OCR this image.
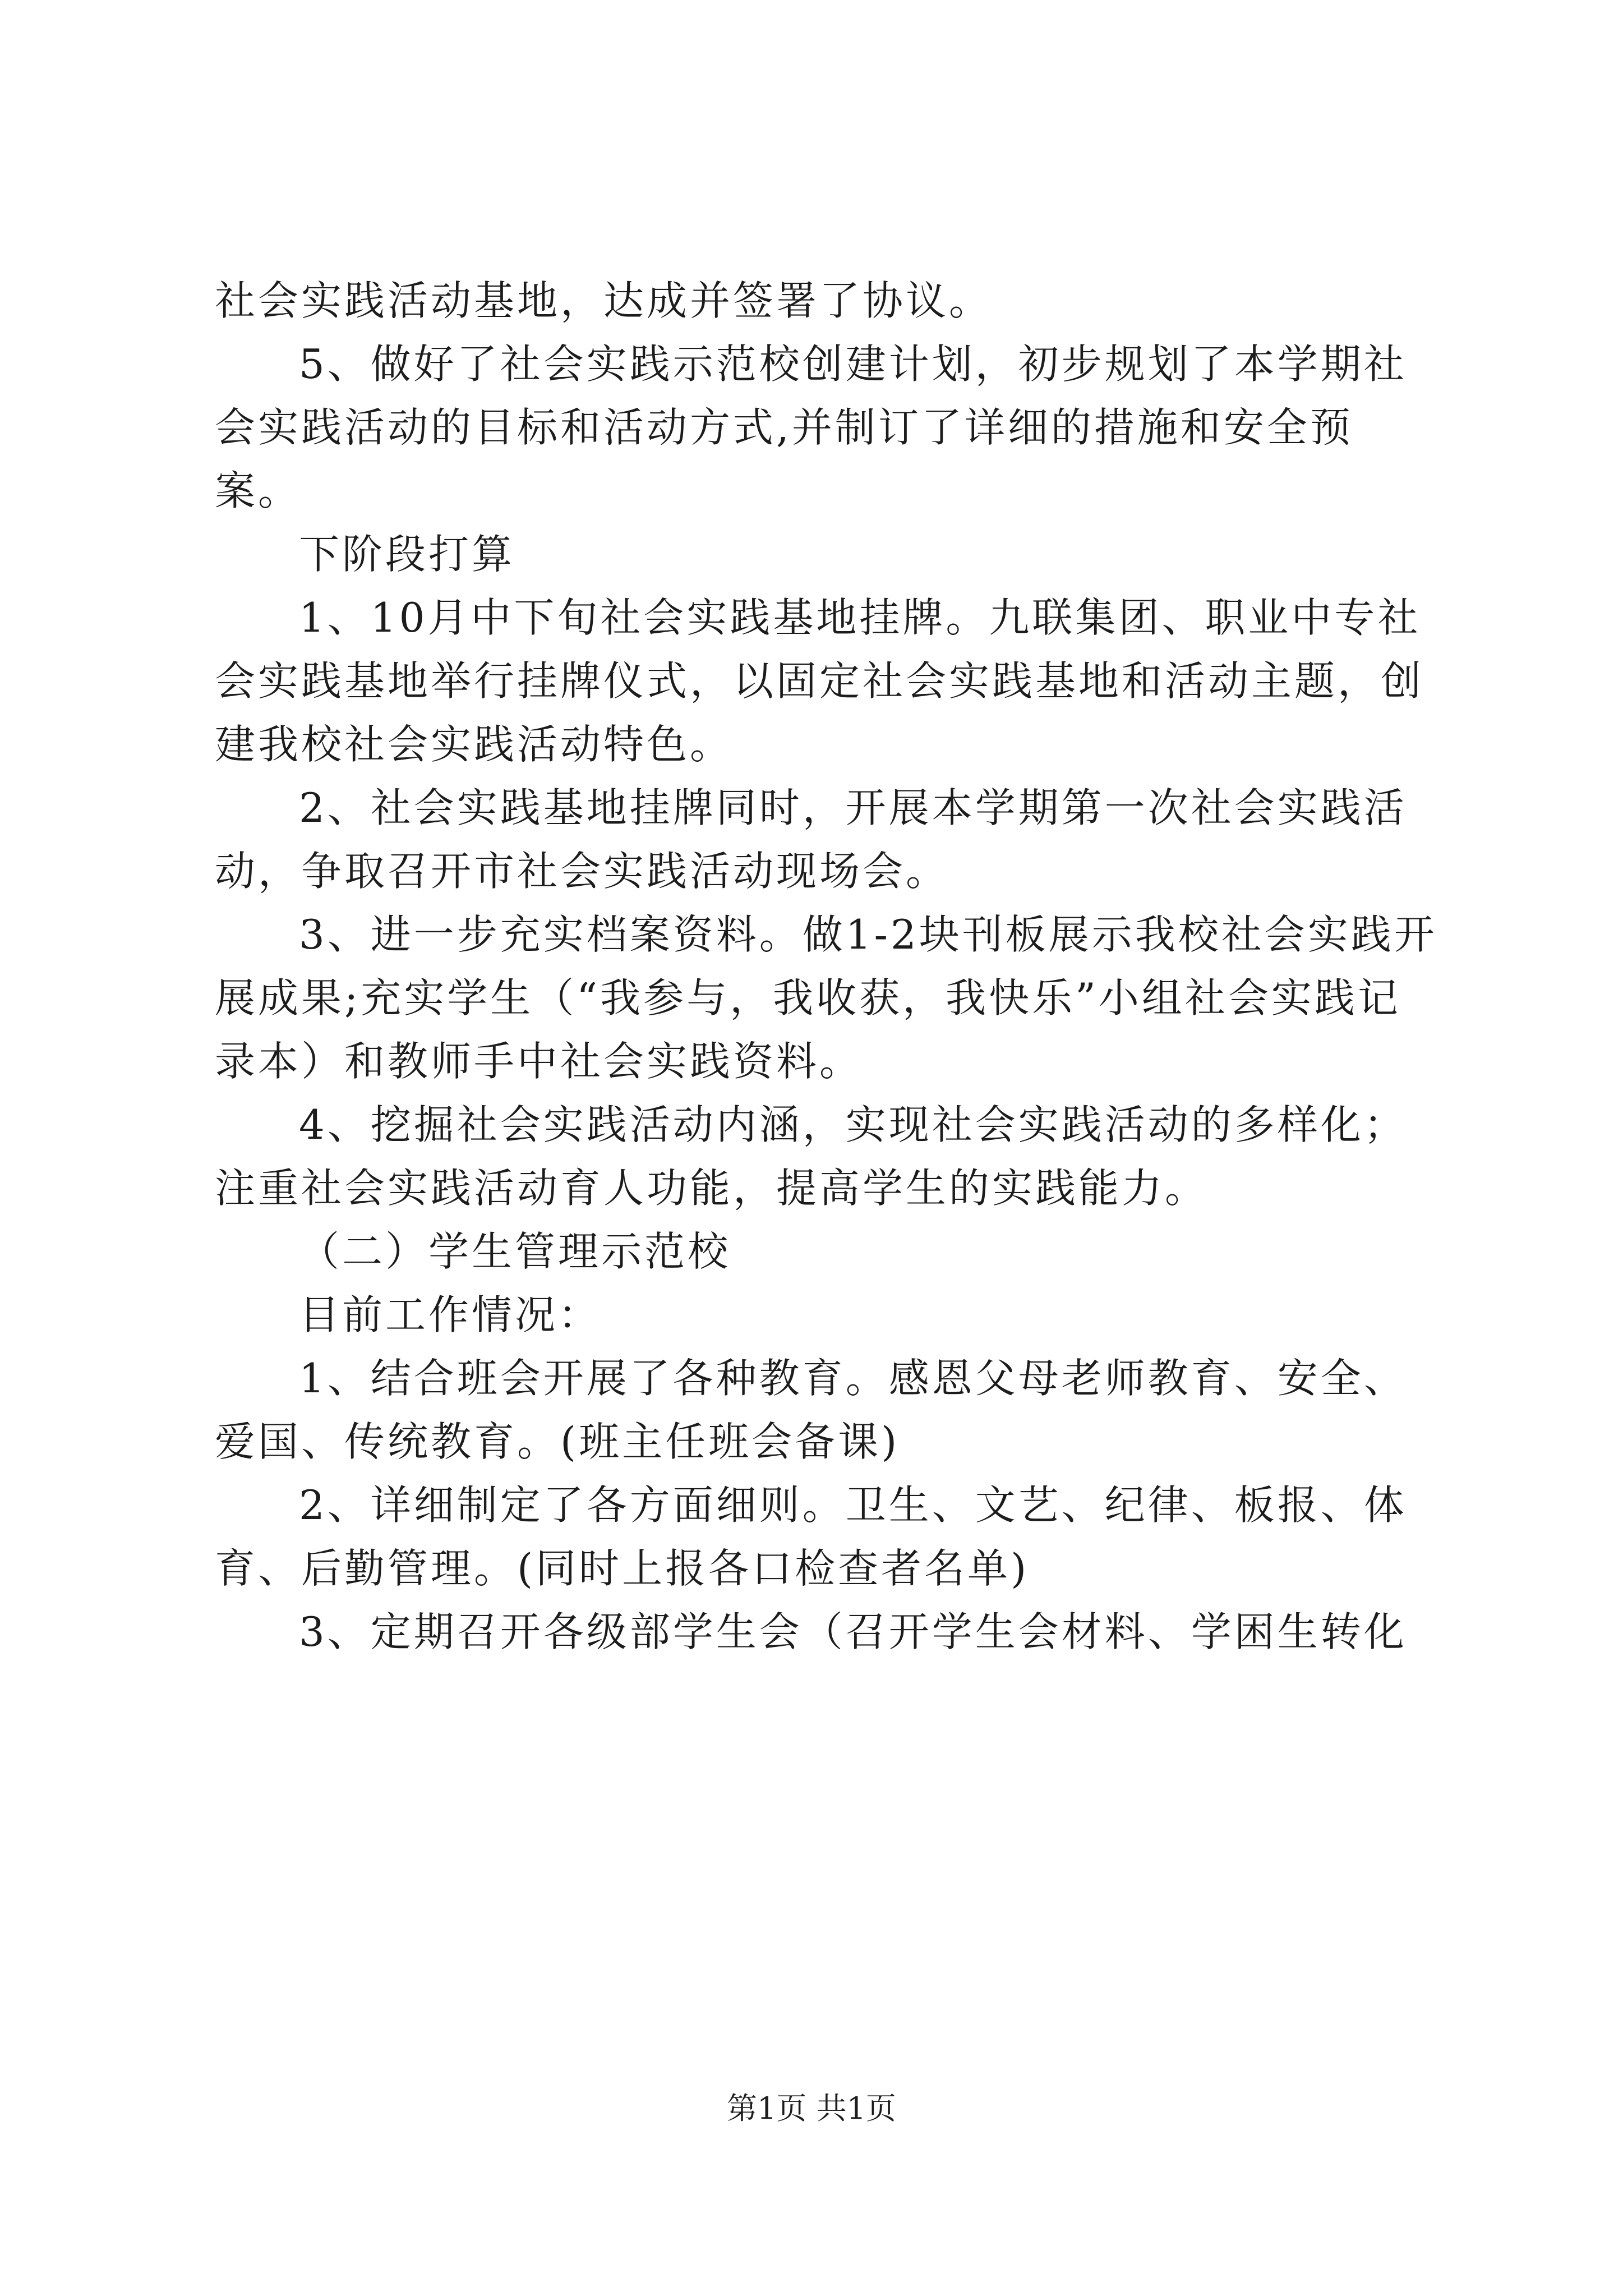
社会实践活动基地，达成并签署了协议。

5、做好了社会实践示范校创建计划，初步规划了本学期社会实践活动的目标和活动方式,并制订了详细的措施和安全预案。

下阶段打算

1、10月中下旬社会实践基地挂牌。九联集团、职业中专社会实践基地举行挂牌仪式，以固定社会实践基地和活动主题，创建我校社会实践活动特色。

2、社会实践基地挂牌同时，开展本学期第一次社会实践活动，争取召开市社会实践活动现场会。

3、进一步充实档案资料。做1-2块刊板展示我校社会实践开展成果;充实学生（“我参与，我收获，我快乐”小组社会实践记录本）和教师手中社会实践资料。

4、挖掘社会实践活动内涵，实现社会实践活动的多样化；注重社会实践活动育人功能，提高学生的实践能力。

（二）学生管理示范校

目前工作情况：

1、结合班会开展了各种教育。感恩父母老师教育、安全、爱国、传统教育。(班主任班会备课)

2、详细制定了各方面细则。卫生、文艺、纪律、板报、体育、后勤管理。(同时上报各口检查者名单)

3、定期召开各级部学生会（召开学生会材料、学困生转化

第1页 共1页
